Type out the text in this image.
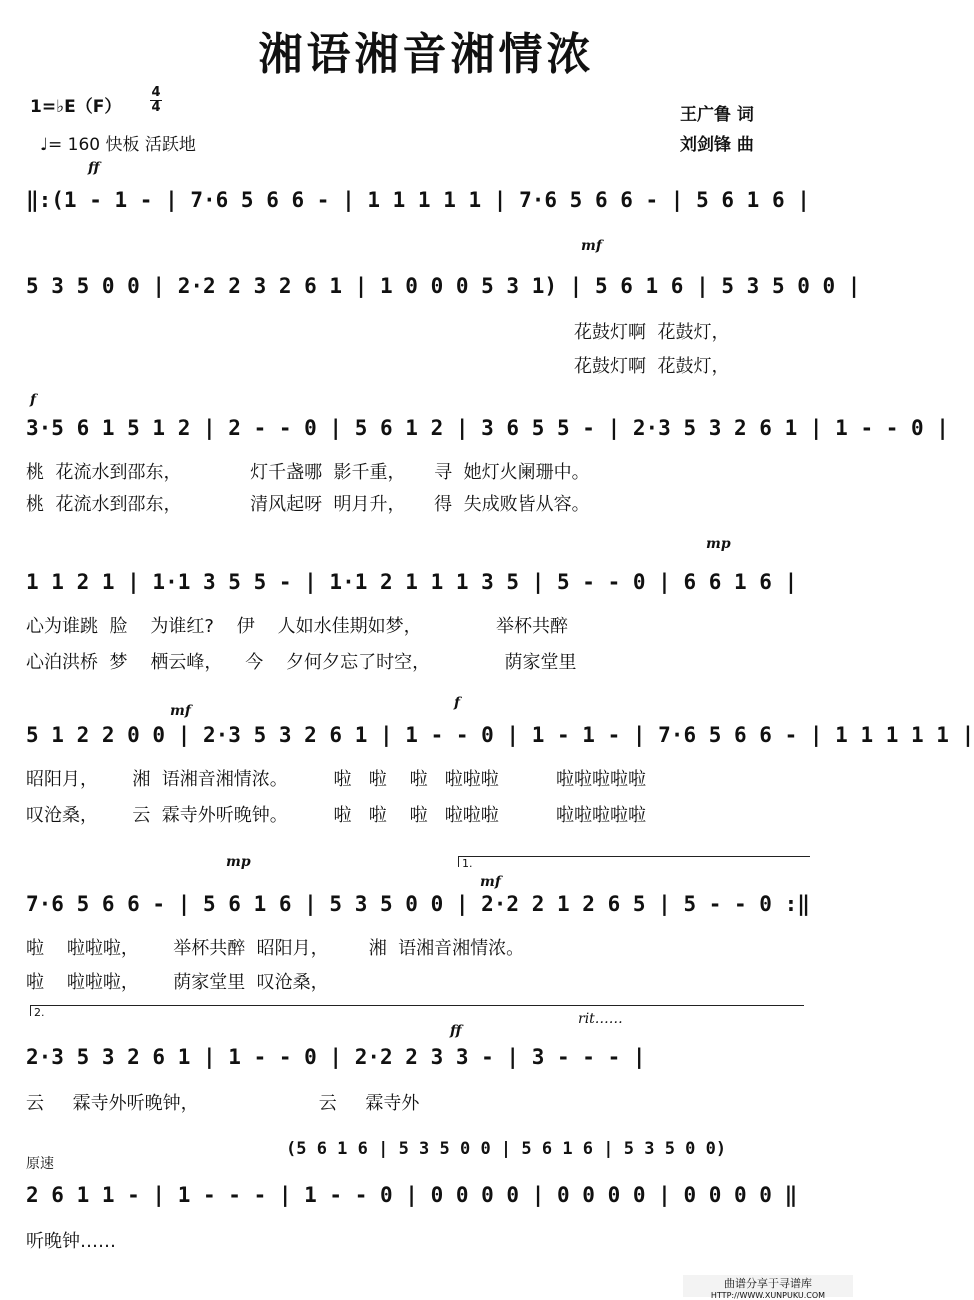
湘语湘音湘情浓
1=♭E（F）
4
4
♩= 160 快板 活跃地
王广鲁 词
刘剑锋 曲
ff
‖:(1 - 1 - | 7·6 5 6 6 - | 1 1 1 1 1 | 7·6 5 6 6 - | 5 6 1 6 |
mf
5 3 5 0 0 | 2·2 2 3 2 6 1 | 1 0 0 0 5 3 1) | 5 6 1 6 | 5 3 5 0 0 |
花鼓灯啊  花鼓灯，
花鼓灯啊  花鼓灯，
f
3·5 6 1 5 1 2 | 2 - - 0 | 5 6 1 2 | 3 6 5 5 - | 2·3 5 3 2 6 1 | 1 - - 0 |
桃  花流水到邵东，            灯千盏哪  影千重，     寻  她灯火阑珊中。
桃  花流水到邵东，            清风起呀  明月升，     得  失成败皆从容。
mp
1 1 2 1 | 1·1 3 5 5 - | 1·1 2 1 1 1 3 5 | 5 - - 0 | 6 6 1 6 |
心为谁跳  脸    为谁红?    伊    人如水佳期如梦，             举杯共醉
心泊洪桥  梦    栖云峰，    今    夕何夕忘了时空，             荫家堂里
mf	f
5 1 2 2 0 0 | 2·3 5 3 2 6 1 | 1 - - 0 | 1 - 1 - | 7·6 5 6 6 - | 1 1 1 1 1 |
昭阳月，      湘  语湘音湘情浓。        啦   啦    啦   啦啦啦          啦啦啦啦啦
叹沧桑，      云  霖寺外听晚钟。        啦   啦    啦   啦啦啦          啦啦啦啦啦
1.
mp
mf
7·6 5 6 6 - | 5 6 1 6 | 5 3 5 0 0 | 2·2 2 1 2 6 5 | 5 - - 0 :‖
啦    啦啦啦，      举杯共醉  昭阳月，       湘  语湘音湘情浓。
啦    啦啦啦，      荫家堂里  叹沧桑，
2.
ff
rit……
2·3 5 3 2 6 1 | 1 - - 0 | 2·2 2 3 3 - | 3 - - - |
云     霖寺外听晚钟，                     云     霖寺外
原速
(5 6 1 6 | 5 3 5 0 0 | 5 6 1 6 | 5 3 5 0 0)
2 6 1 1 - | 1 - - - | 1 - - 0 | 0 0 0 0 | 0 0 0 0 | 0 0 0 0 ‖
听晚钟……
曲谱分享于寻谱库
HTTP://WWW.XUNPUKU.COM
